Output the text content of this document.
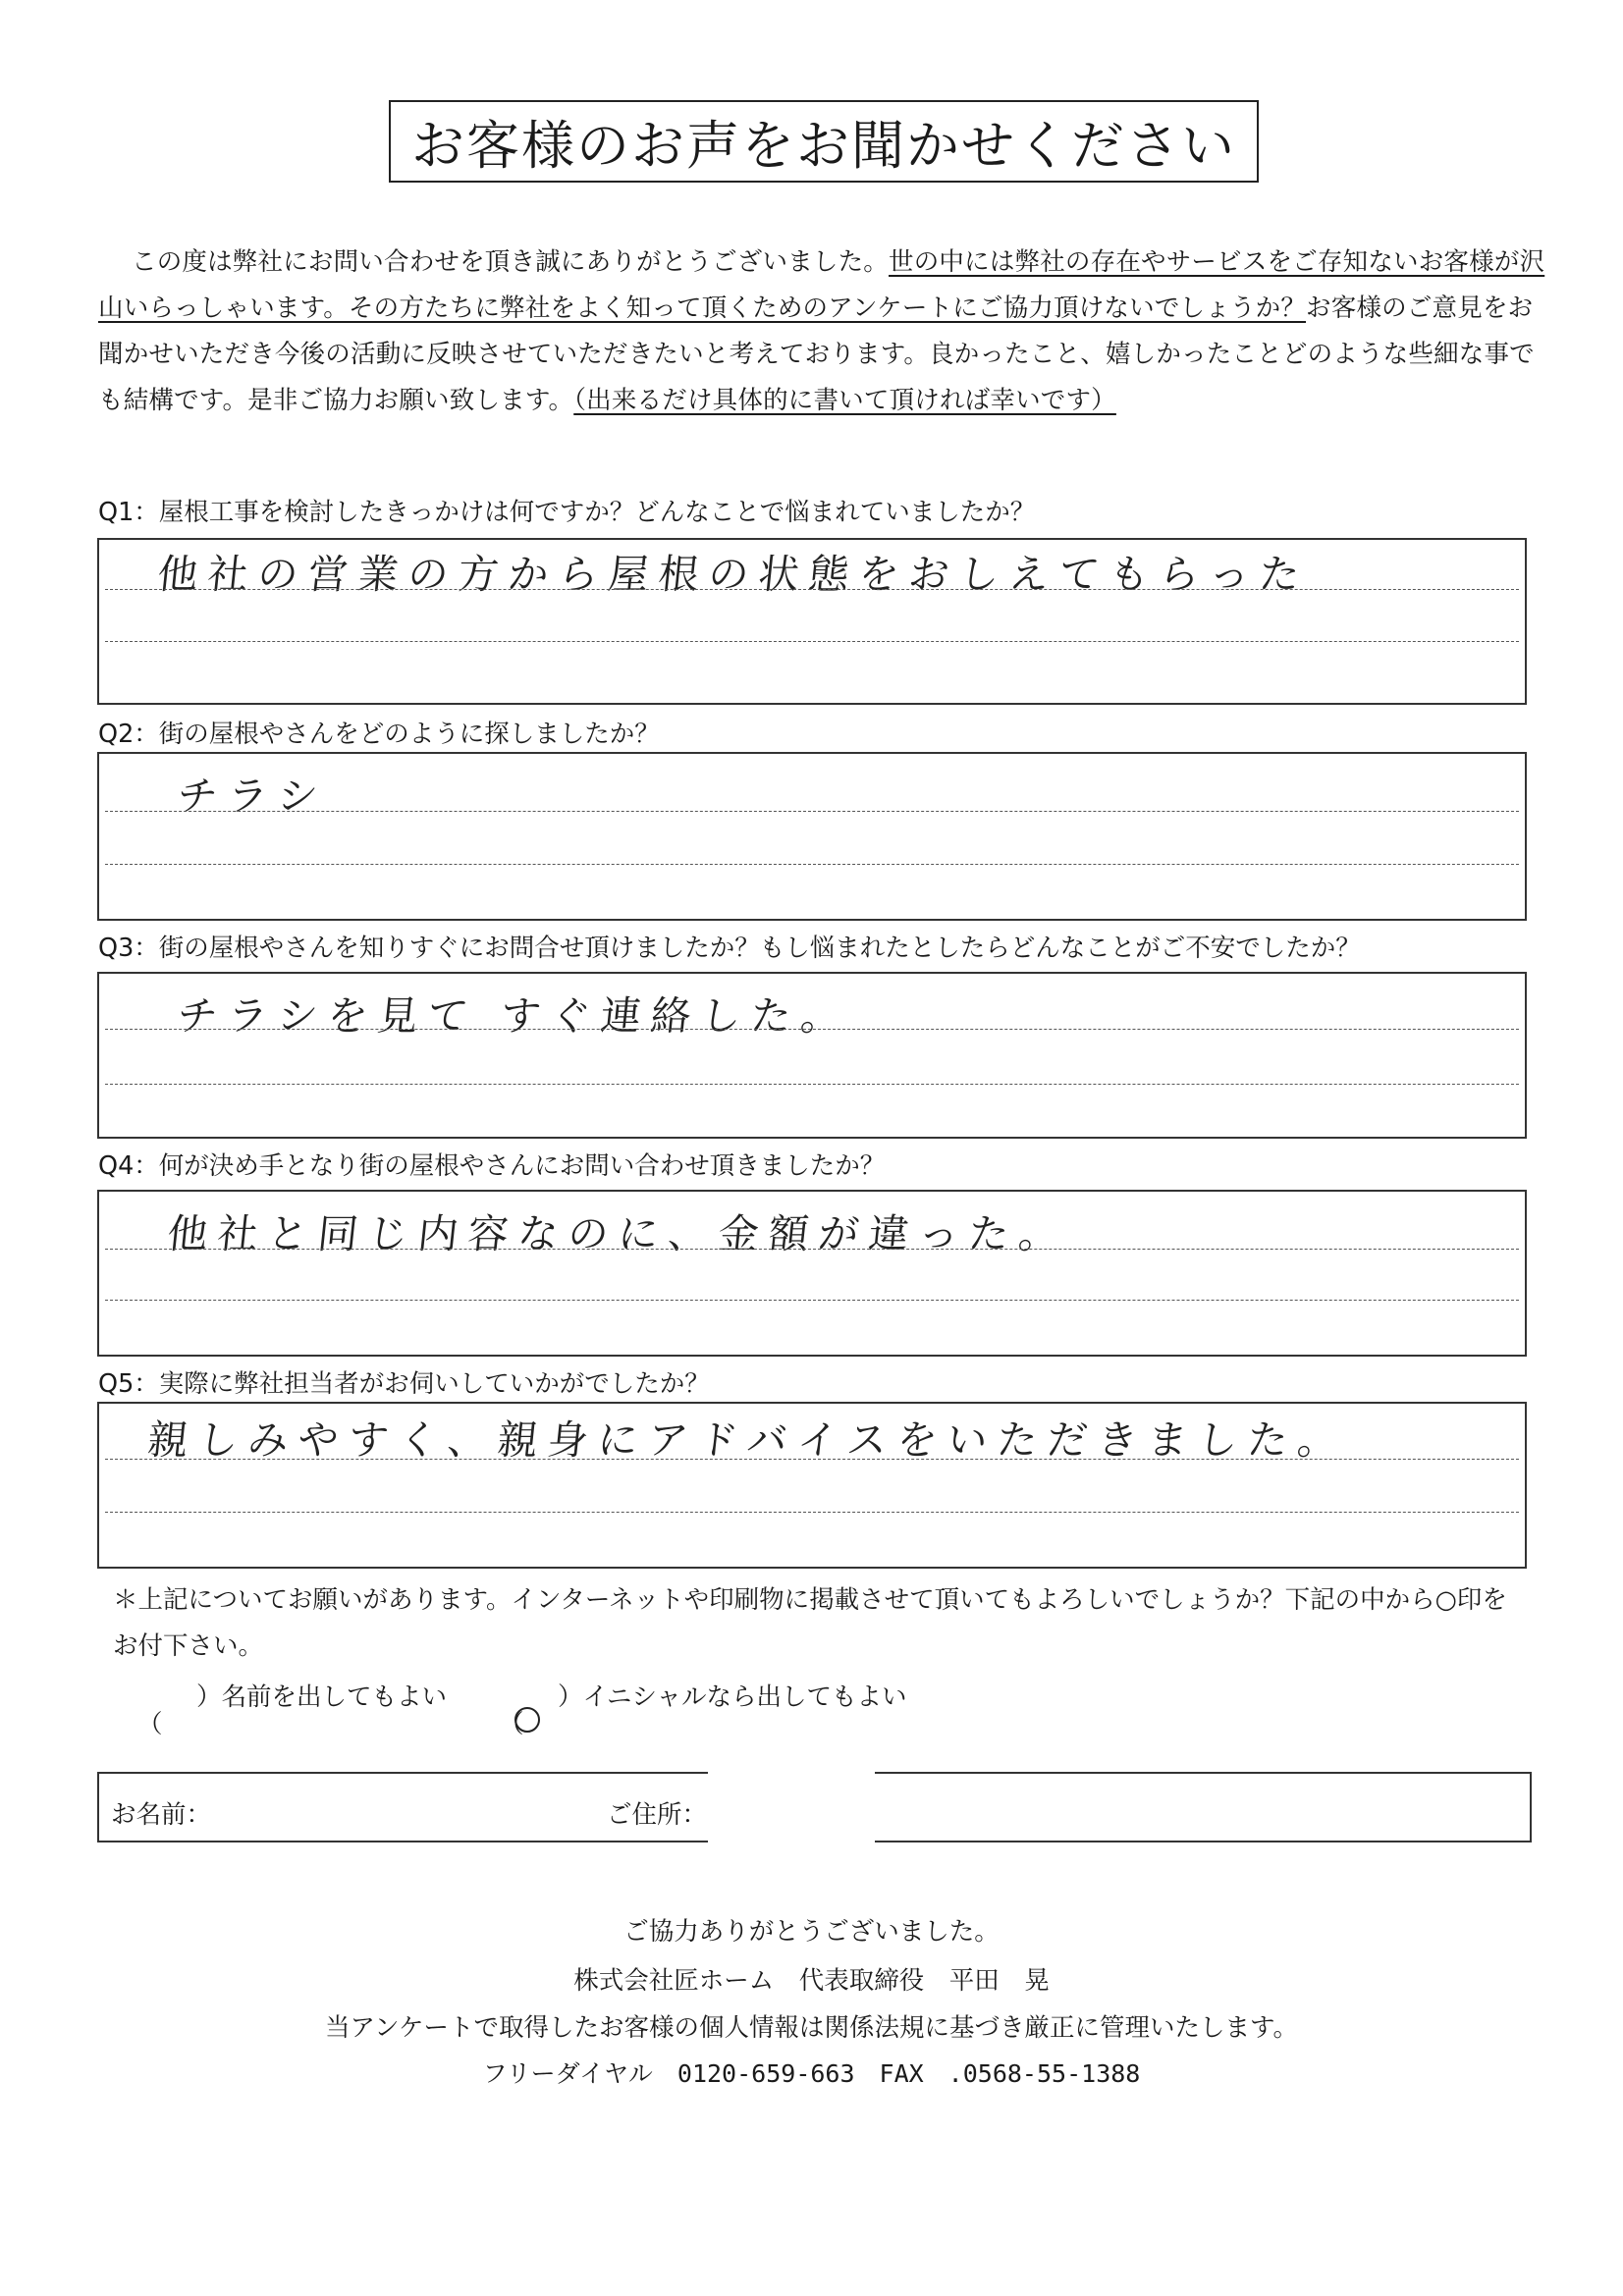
お客様のお声をお聞かせください
この度は弊社にお問い合わせを頂き誠にありがとうございました。世の中には弊社の存在やサービスをご存知ないお客様が沢山いらっしゃいます。その方たちに弊社をよく知って頂くためのアンケートにご協力頂けないでしょうか？お客様のご意見をお聞かせいただき今後の活動に反映させていただきたいと考えております。良かったこと、嬉しかったことどのような些細な事でも結構です。是非ご協力お願い致します。（出来るだけ具体的に書いて頂ければ幸いです）
Q1：屋根工事を検討したきっかけは何ですか？どんなことで悩まれていましたか？
他社の営業の方から屋根の状態をおしえてもらった
Q2：街の屋根やさんをどのように探しましたか？
チラシ
Q3：街の屋根やさんを知りすぐにお問合せ頂けましたか？もし悩まれたとしたらどんなことがご不安でしたか？
チラシを見て すぐ連絡した。
Q4：何が決め手となり街の屋根やさんにお問い合わせ頂きましたか？
他社と同じ内容なのに、金額が違った。
Q5：実際に弊社担当者がお伺いしていかがでしたか？
親しみやすく、親身にアドバイスをいただきました。
＊上記についてお願いがあります。インターネットや印刷物に掲載させて頂いてもよろしいでしょうか？下記の中から○印を
お付下さい。
（
）名前を出してもよい
（
）イニシャルなら出してもよい
お名前：	ご住所：
ご協力ありがとうございました。
株式会社匠ホーム　代表取締役　平田　晃
当アンケートで取得したお客様の個人情報は関係法規に基づき厳正に管理いたします。
フリーダイヤル　0120-659-663　FAX　.0568-55-1388
